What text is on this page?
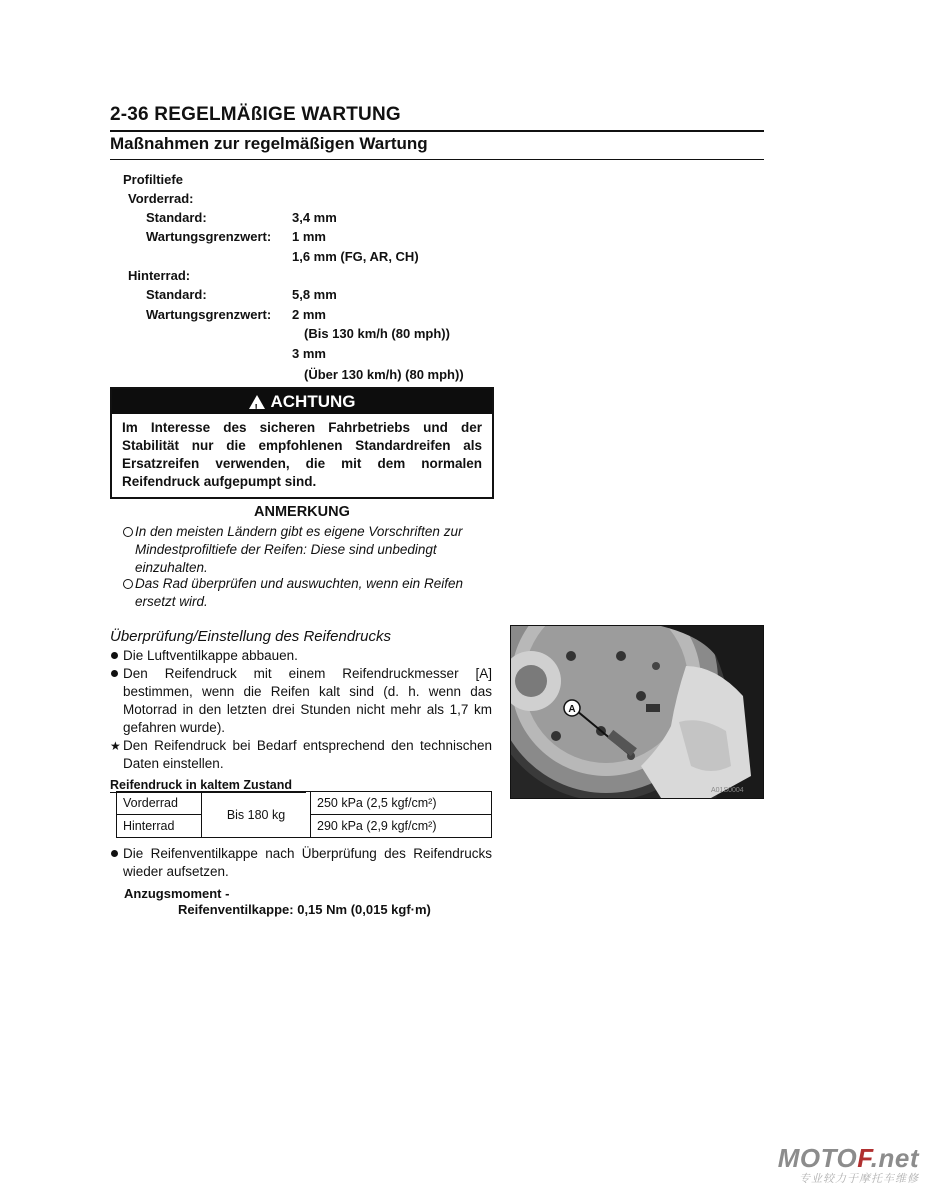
2-36 REGELMÄßIGE WARTUNG
Maßnahmen zur regelmäßigen Wartung
Profiltiefe
Vorderrad:
Standard:	3,4 mm
Wartungsgrenzwert: 1 mm
1,6 mm (FG, AR, CH)
Hinterrad:
Standard:	5,8 mm
Wartungsgrenzwert: 2 mm
(Bis 130 km/h (80 mph))
3 mm
(Über 130 km/h) (80 mph))
!ACHTUNG
Im Interesse des sicheren Fahrbetriebs und der Stabilität nur die empfohlenen Standardreifen als Ersatzreifen verwenden, die mit dem normalen Reifendruck aufgepumpt sind.
ANMERKUNG
In den meisten Ländern gibt es eigene Vorschriften zur Mindestprofiltiefe der Reifen: Diese sind unbedingt einzuhalten.
Das Rad überprüfen und auswuchten, wenn ein Reifen ersetzt wird.
Überprüfung/Einstellung des Reifendrucks
Die Luftventilkappe abbauen.
Den Reifendruck mit einem Reifendruckmesser [A] bestimmen, wenn die Reifen kalt sind (d. h. wenn das Motorrad in den letzten drei Stunden nicht mehr als 1,7 km gefahren wurde).
★ Den Reifendruck bei Bedarf entsprechend den technischen Daten einstellen.
Reifendruck in kaltem Zustand
Vorderrad	Bis 180 kg	250 kPa (2,5 kgf/cm²)
Hinterrad		290 kPa (2,9 kgf/cm²)
Die Reifenventilkappe nach Überprüfung des Reifendrucks wieder aufsetzen.
Anzugsmoment -
Reifenventilkappe: 0,15 Nm (0,015 kgf·m)
A
A01S0004
MOTOF.net
专业较力于摩托车维修
